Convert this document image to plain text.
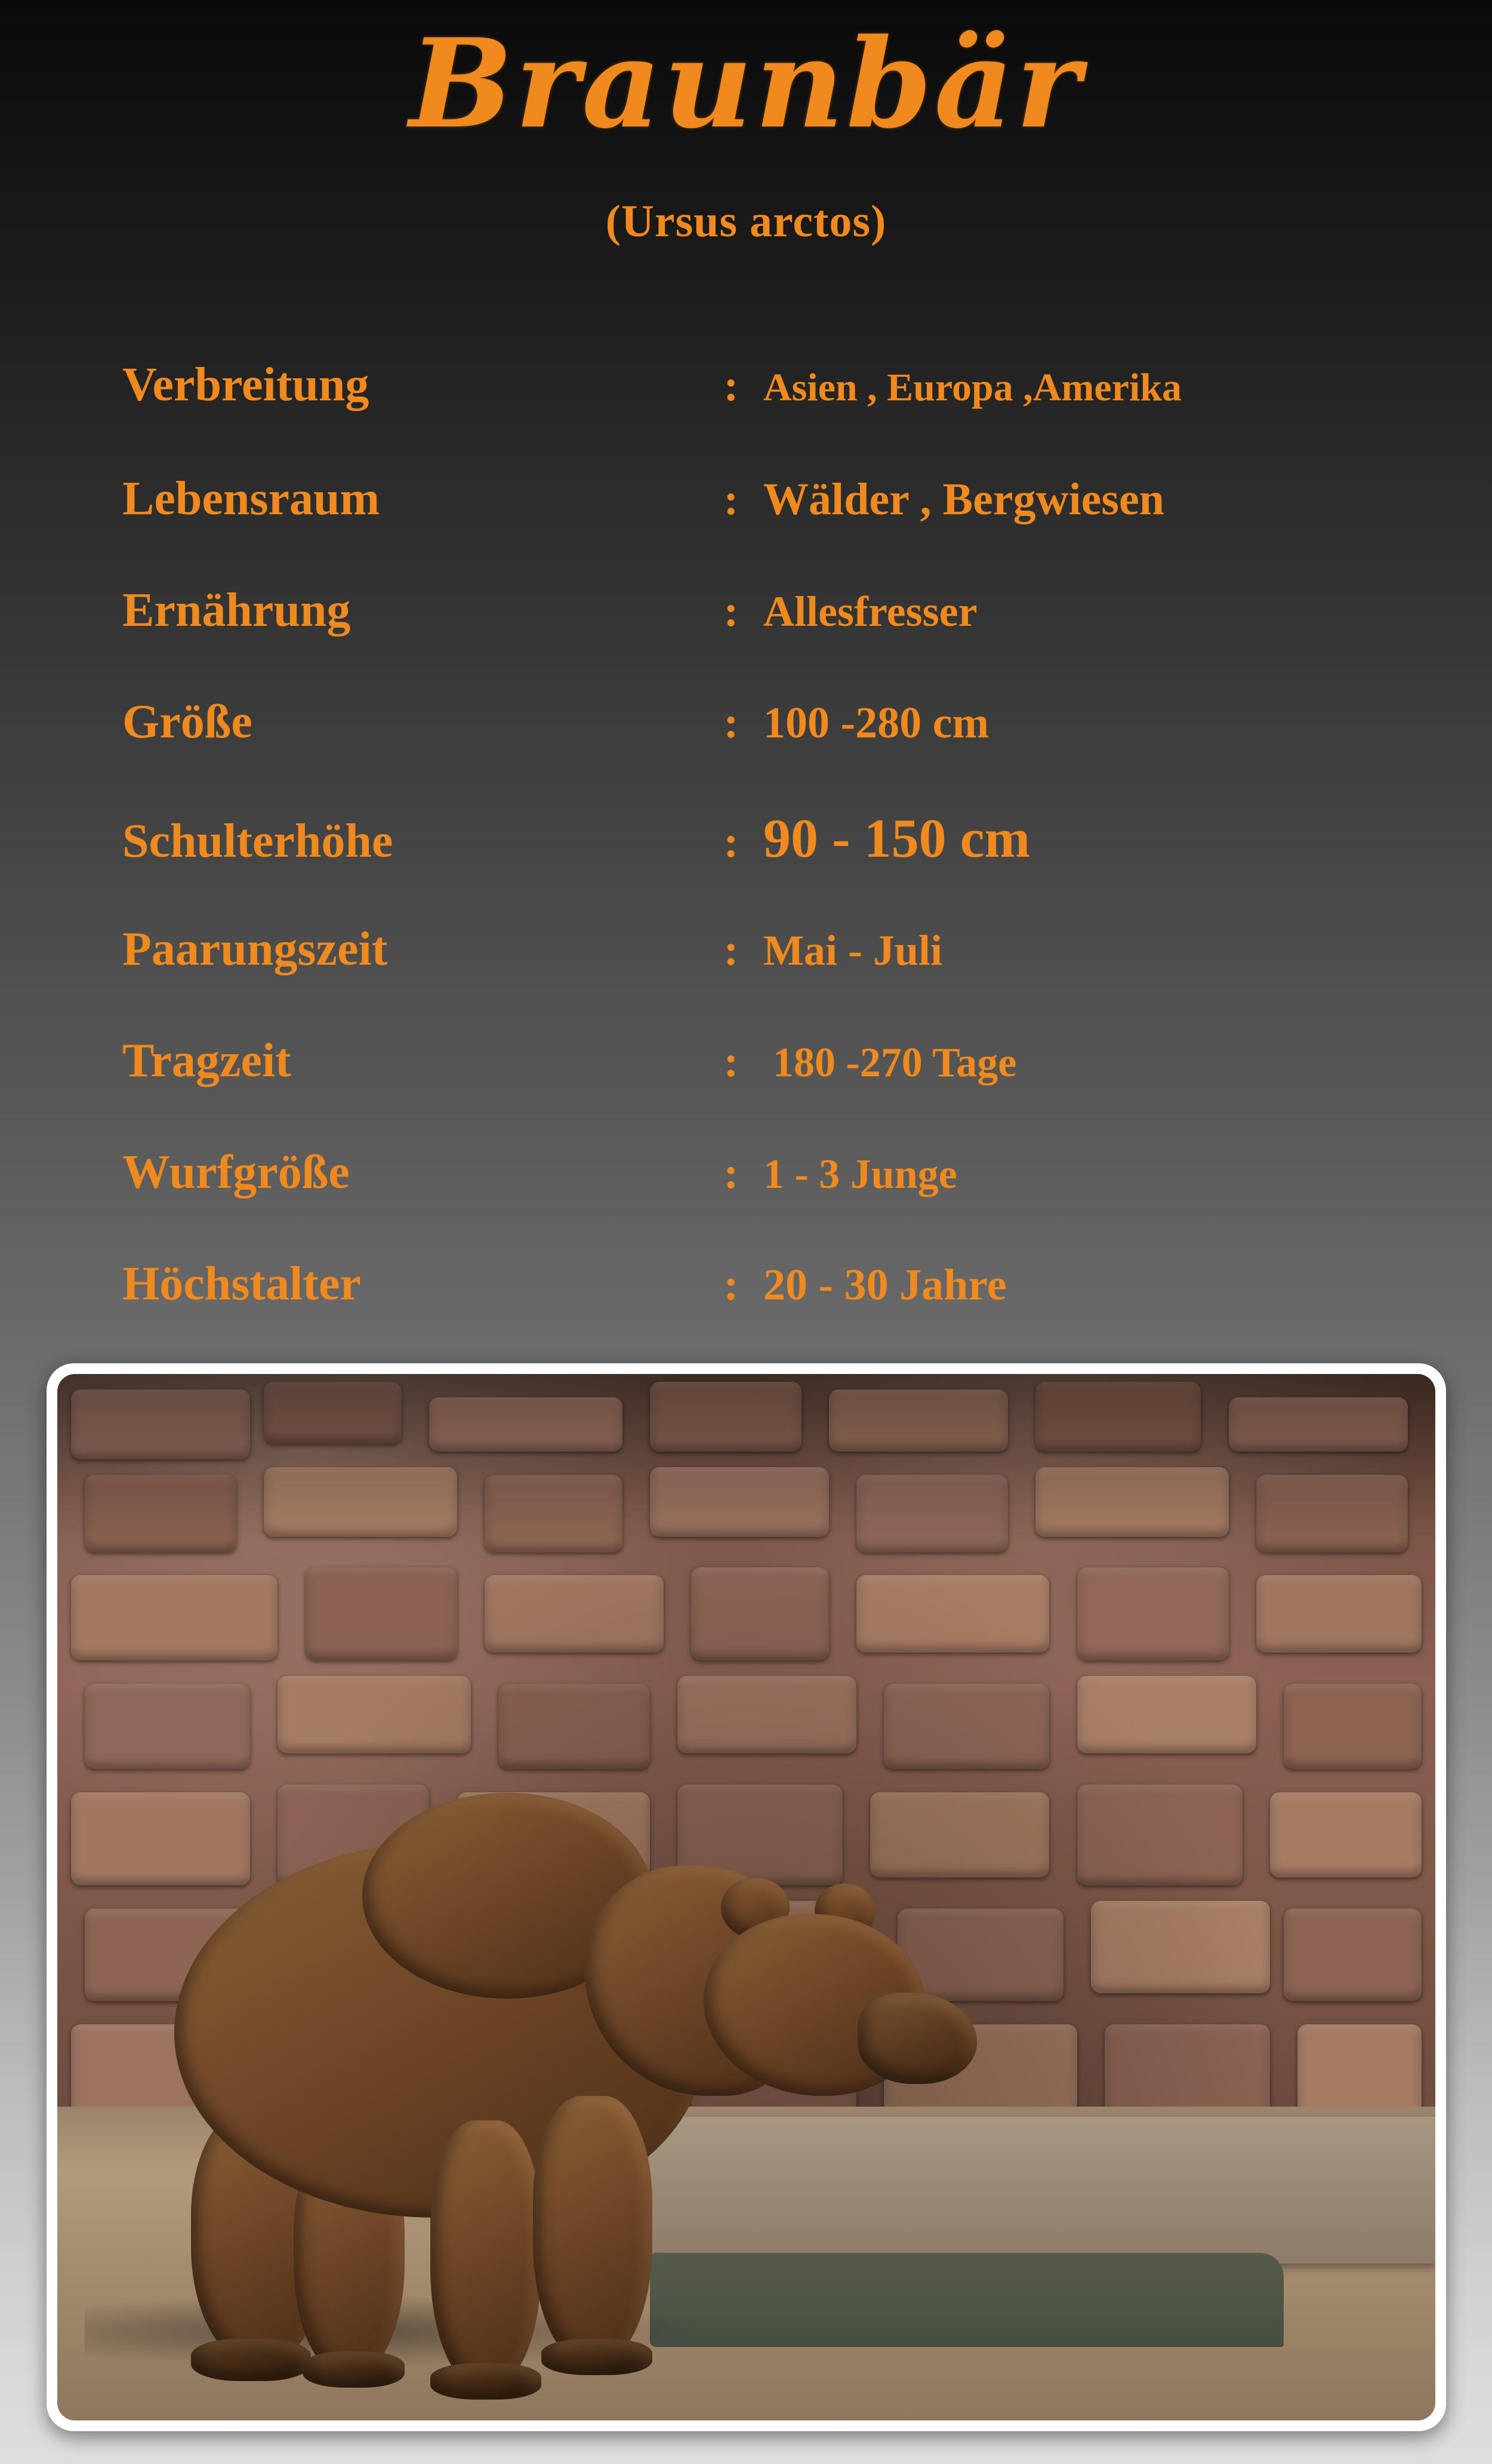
Braunbär
(Ursus arctos)
Verbreitung	: Asien , Europa ,Amerika
Lebensraum	: Wälder , Bergwiesen
Ernährung	: Allesfresser
Größe	: 100 -280 cm
Schulterhöhe	: 90 - 150 cm
Paarungszeit	: Mai - Juli
Tragzeit	: 180 -270 Tage
Wurfgröße	: 1 - 3 Junge
Höchstalter	: 20 - 30 Jahre
